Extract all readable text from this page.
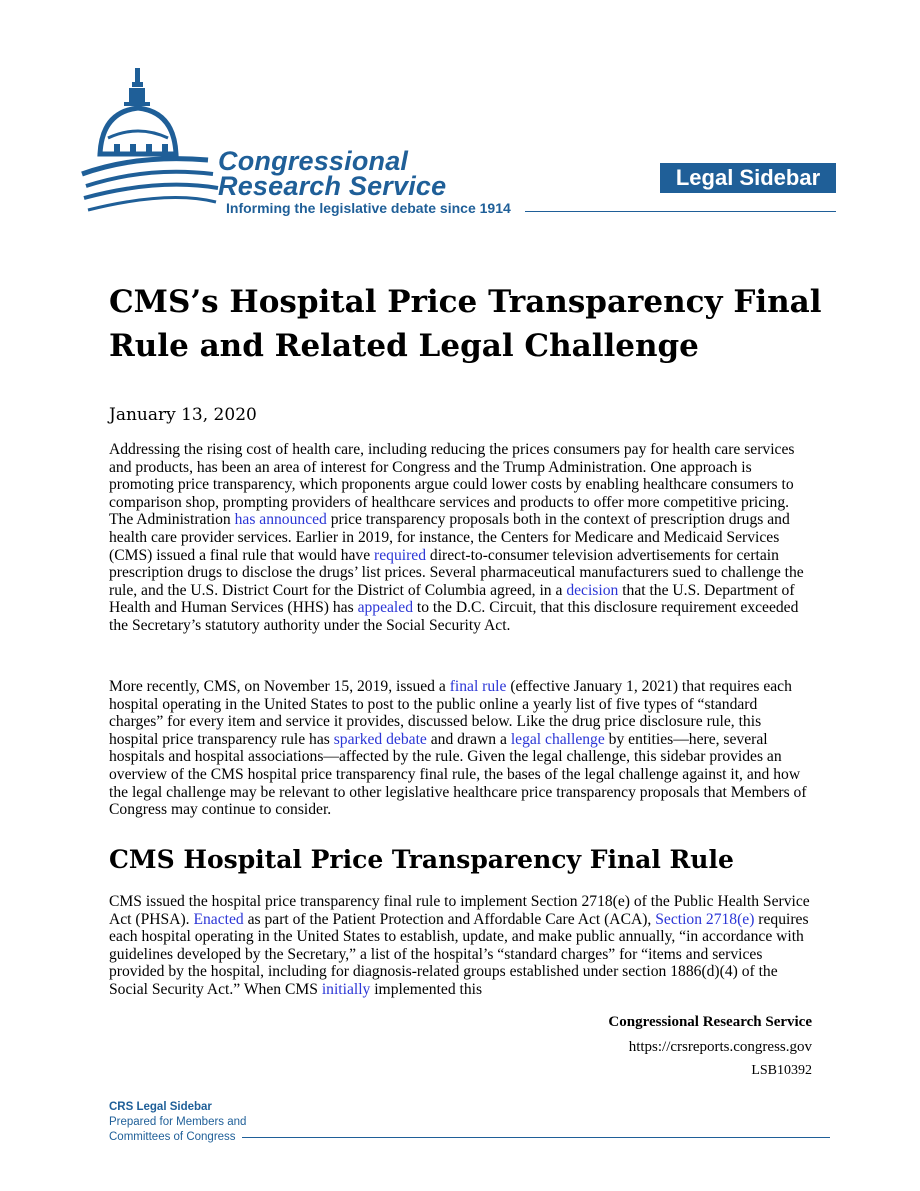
Congressional
Research Service
Informing the legislative debate since 1914
Legal Sidebar
CMS’s Hospital Price Transparency Final Rule and Related Legal Challenge
January 13, 2020

Addressing the rising cost of health care, including reducing the prices consumers pay for health care services and products, has been an area of interest for Congress and the Trump Administration. One approach is promoting price transparency, which proponents argue could lower costs by enabling healthcare consumers to comparison shop, prompting providers of healthcare services and products to offer more competitive pricing. The Administration has announced price transparency proposals both in the context of prescription drugs and health care provider services. Earlier in 2019, for instance, the Centers for Medicare and Medicaid Services (CMS) issued a final rule that would have required direct-to-consumer television advertisements for certain prescription drugs to disclose the drugs’ list prices. Several pharmaceutical manufacturers sued to challenge the rule, and the U.S. District Court for the District of Columbia agreed, in a decision that the U.S. Department of Health and Human Services (HHS) has appealed to the D.C. Circuit, that this disclosure requirement exceeded the Secretary’s statutory authority under the Social Security Act.

More recently, CMS, on November 15, 2019, issued a final rule (effective January 1, 2021) that requires each hospital operating in the United States to post to the public online a yearly list of five types of “standard charges” for every item and service it provides, discussed below. Like the drug price disclosure rule, this hospital price transparency rule has sparked debate and drawn a legal challenge by entities—here, several hospitals and hospital associations—affected by the rule. Given the legal challenge, this sidebar provides an overview of the CMS hospital price transparency final rule, the bases of the legal challenge against it, and how the legal challenge may be relevant to other legislative healthcare price transparency proposals that Members of Congress may continue to consider.

CMS Hospital Price Transparency Final Rule

CMS issued the hospital price transparency final rule to implement Section 2718(e) of the Public Health Service Act (PHSA). Enacted as part of the Patient Protection and Affordable Care Act (ACA), Section 2718(e) requires each hospital operating in the United States to establish, update, and make public annually, “in accordance with guidelines developed by the Secretary,” a list of the hospital’s “standard charges” for “items and services provided by the hospital, including for diagnosis-related groups established under section 1886(d)(4) of the Social Security Act.” When CMS initially implemented this

Congressional Research Service
https://crsreports.congress.gov
LSB10392
CRS Legal Sidebar
Prepared for Members and
Committees of Congress
